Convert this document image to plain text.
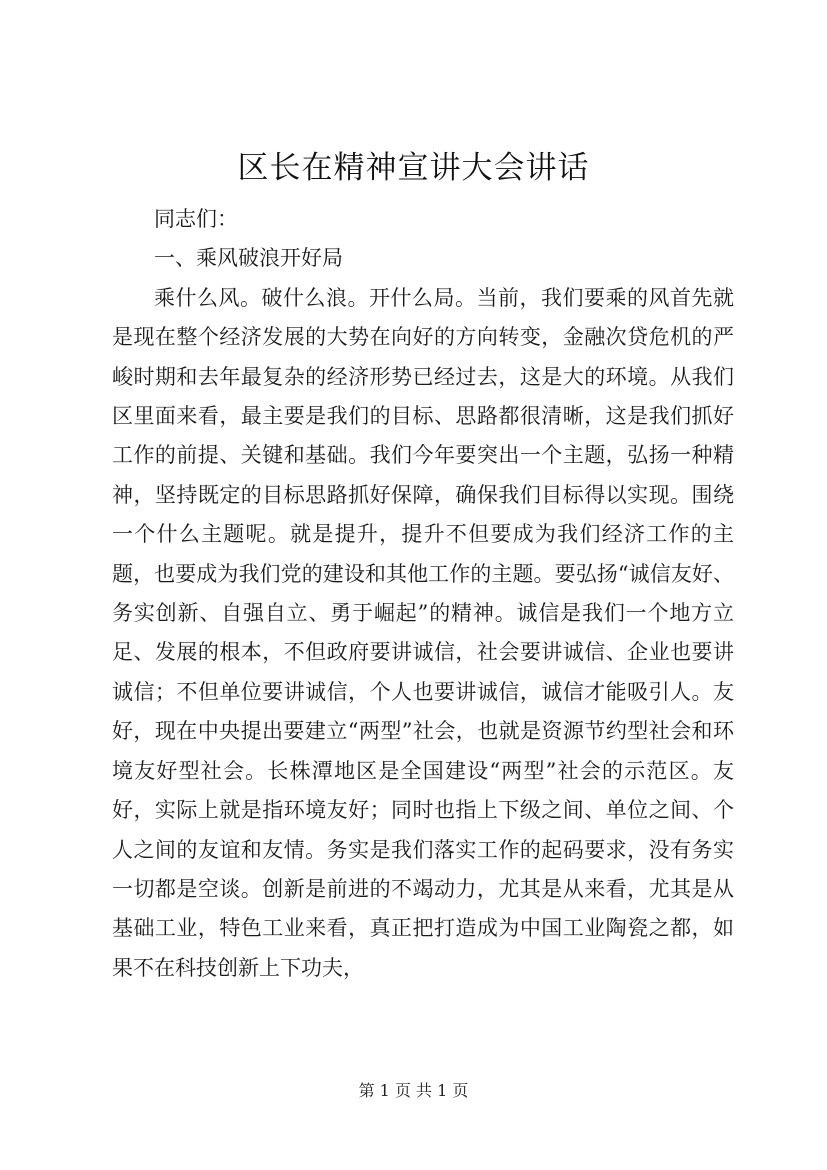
区长在精神宣讲大会讲话

同志们：

一、乘风破浪开好局

乘什么风。破什么浪。开什么局。当前，我们要乘的风首先就是现在整个经济发展的大势在向好的方向转变，金融次贷危机的严峻时期和去年最复杂的经济形势已经过去，这是大的环境。从我们区里面来看，最主要是我们的目标、思路都很清晰，这是我们抓好工作的前提、关键和基础。我们今年要突出一个主题，弘扬一种精神，坚持既定的目标思路抓好保障，确保我们目标得以实现。围绕一个什么主题呢。就是提升，提升不但要成为我们经济工作的主题，也要成为我们党的建设和其他工作的主题。要弘扬“诚信友好、务实创新、自强自立、勇于崛起”的精神。诚信是我们一个地方立足、发展的根本，不但政府要讲诚信，社会要讲诚信、企业也要讲诚信；不但单位要讲诚信，个人也要讲诚信，诚信才能吸引人。友好，现在中央提出要建立“两型”社会，也就是资源节约型社会和环境友好型社会。长株潭地区是全国建设“两型”社会的示范区。友好，实际上就是指环境友好；同时也指上下级之间、单位之间、个人之间的友谊和友情。务实是我们落实工作的起码要求，没有务实一切都是空谈。创新是前进的不竭动力，尤其是从来看，尤其是从基础工业，特色工业来看，真正把打造成为中国工业陶瓷之都，如果不在科技创新上下功夫，

第 1 页 共 1 页
